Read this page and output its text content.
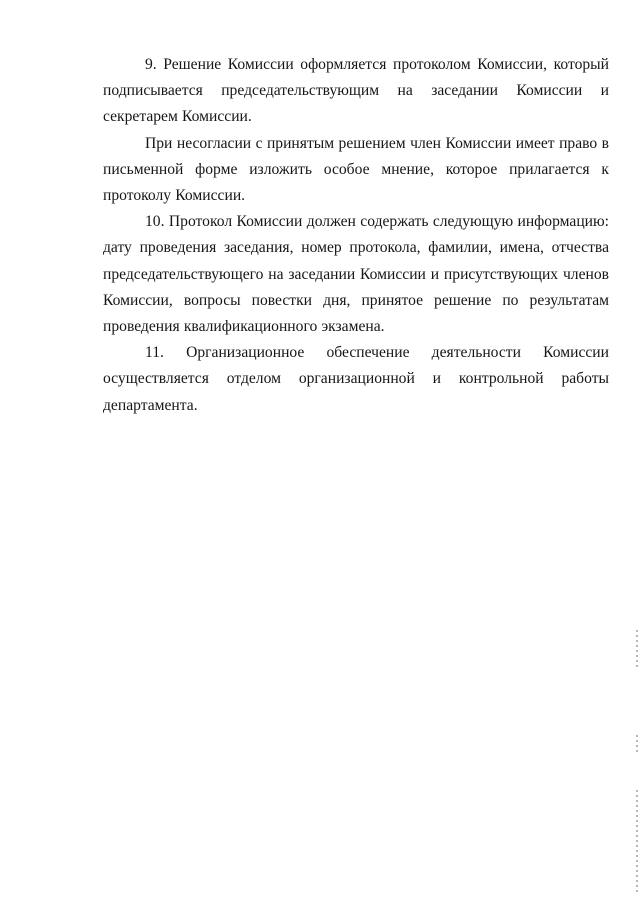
9. Решение Комиссии оформляется протоколом Комиссии, который подписывается председательствующим на заседании Комиссии и секретарем Комиссии.

При несогласии с принятым решением член Комиссии имеет право в письменной форме изложить особое мнение, которое прилагается к протоколу Комиссии.

10. Протокол Комиссии должен содержать следующую информацию: дату проведения заседания, номер протокола, фамилии, имена, отчества председательствующего на заседании Комиссии и присутствующих членов Комиссии, вопросы повестки дня, принятое решение по результатам проведения квалификационного экзамена.

11. Организационное обеспечение деятельности Комиссии осуществляется отделом организационной и контрольной работы департамента.
